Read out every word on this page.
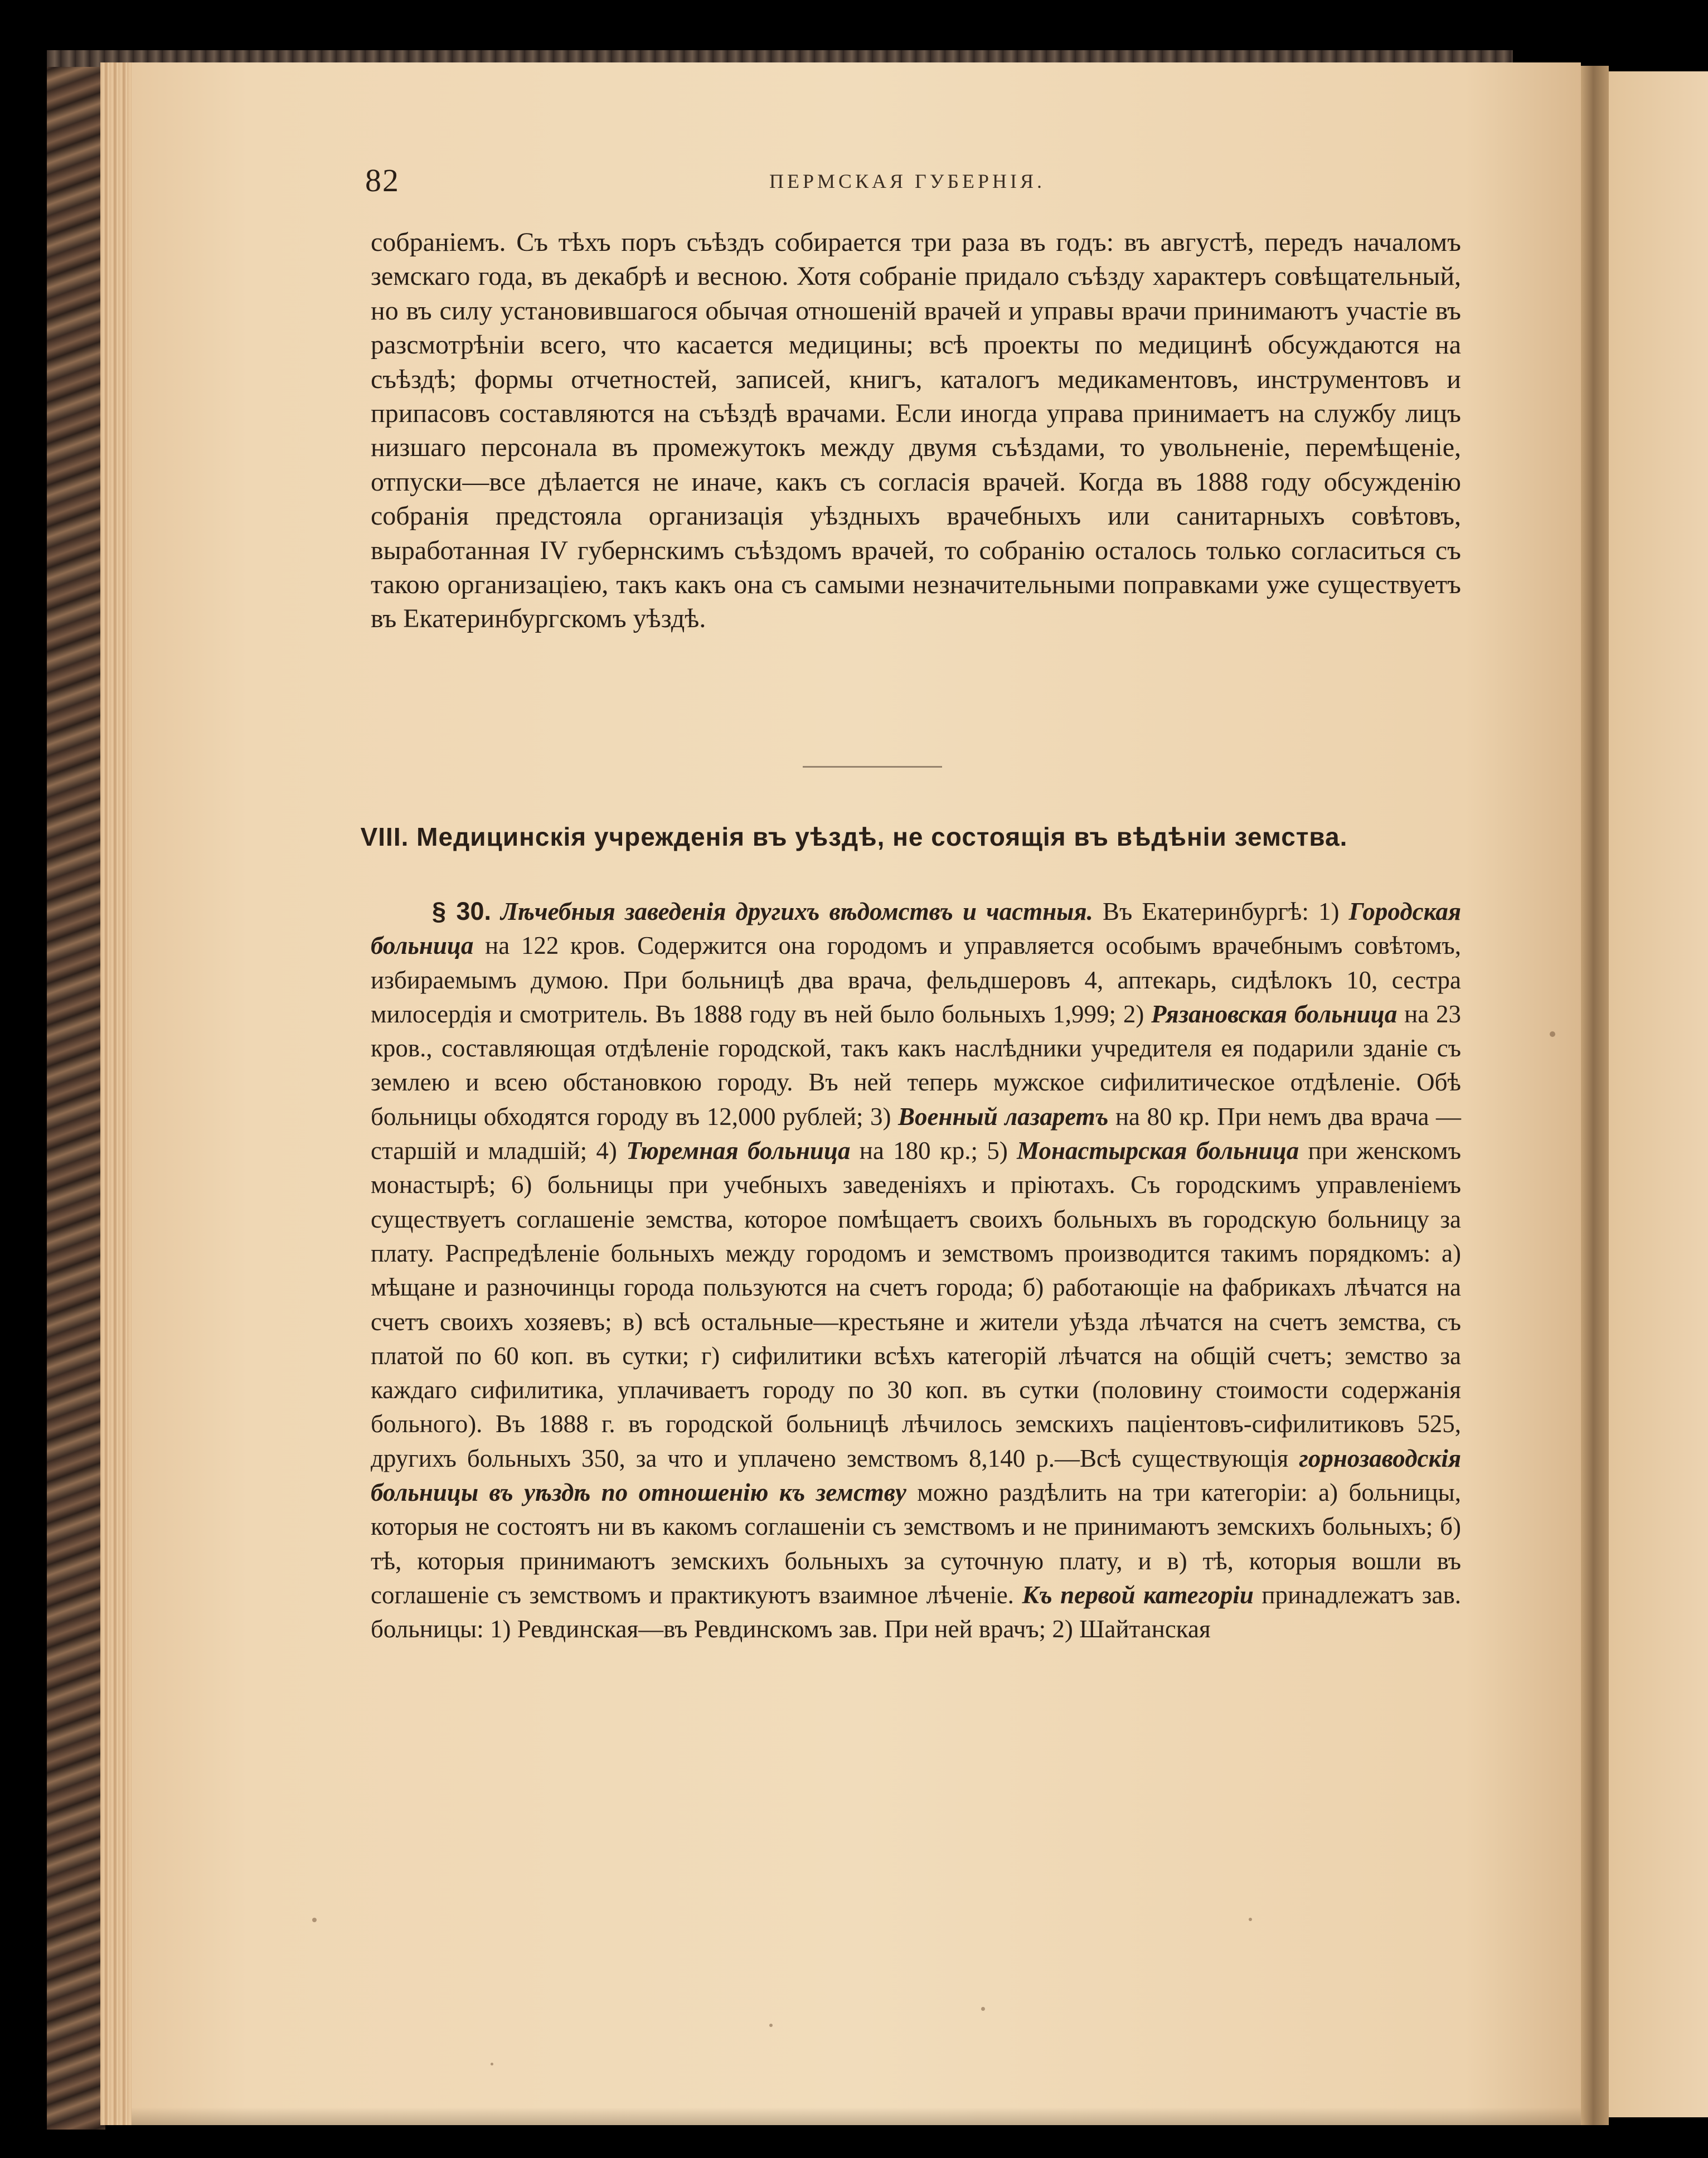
82	ПЕРМСКАЯ ГУБЕРНІЯ.

собраніемъ. Съ тѣхъ поръ съѣздъ собирается три раза въ годъ: въ августѣ, передъ началомъ земскаго года, въ декабрѣ и весною. Хотя собраніе придало съѣзду характеръ совѣщательный, но въ силу установившагося обычая отношеній врачей и управы врачи принимаютъ участіе въ разсмотрѣніи всего, что касается медицины; всѣ проекты по медицинѣ обсуждаются на съѣздѣ; формы отчетностей, записей, книгъ, каталогъ медикаментовъ, инструментовъ и припасовъ составляются на съѣздѣ врачами. Если иногда управа принимаетъ на службу лицъ низшаго персонала въ промежутокъ между двумя съѣздами, то увольненіе, перемѣщеніе, отпуски—все дѣлается не иначе, какъ съ согласія врачей. Когда въ 1888 году обсужденію собранія предстояла организація уѣздныхъ врачебныхъ или санитарныхъ совѣтовъ, выработанная IV губернскимъ съѣздомъ врачей, то собранію осталось только согласиться съ такою организаціею, такъ какъ она съ самыми незначительными поправками уже существуетъ въ Екатеринбургскомъ уѣздѣ.

VIII. Медицинскія учрежденія въ уѣздѣ, не состоящія въ вѣдѣніи земства.

§ 30. Лѣчебныя заведенія другихъ вѣдомствъ и частныя. Въ Екатеринбургѣ: 1) Городская больница на 122 кров. Содержится она городомъ и управляется особымъ врачебнымъ совѣтомъ, избираемымъ думою. При больницѣ два врача, фельдшеровъ 4, аптекарь, сидѣлокъ 10, сестра милосердія и смотритель. Въ 1888 году въ ней было больныхъ 1,999; 2) Рязановская больница на 23 кров., составляющая отдѣленіе городской, такъ какъ наслѣдники учредителя ея подарили зданіе съ землею и всею обстановкою городу. Въ ней теперь мужское сифилитическое отдѣленіе. Обѣ больницы обходятся городу въ 12,000 рублей; 3) Военный лазаретъ на 80 кр. При немъ два врача — старшій и младшій; 4) Тюремная больница на 180 кр.; 5) Монастырская больница при женскомъ монастырѣ; 6) больницы при учебныхъ заведеніяхъ и пріютахъ. Съ городскимъ управленіемъ существуетъ соглашеніе земства, которое помѣщаетъ своихъ больныхъ въ городскую больницу за плату. Распредѣленіе больныхъ между городомъ и земствомъ производится такимъ порядкомъ: а) мѣщане и разночинцы города пользуются на счетъ города; б) работающіе на фабрикахъ лѣчатся на счетъ своихъ хозяевъ; в) всѣ остальные—крестьяне и жители уѣзда лѣчатся на счетъ земства, съ платой по 60 коп. въ сутки; г) сифилитики всѣхъ категорій лѣчатся на общій счетъ; земство за каждаго сифилитика, уплачиваетъ городу по 30 коп. въ сутки (половину стоимости содержанія больного). Въ 1888 г. въ городской больницѣ лѣчилось земскихъ паціентовъ-сифилитиковъ 525, другихъ больныхъ 350, за что и уплачено земствомъ 8,140 р.—Всѣ существующія горнозаводскія больницы въ уѣздѣ по отношенію къ земству можно раздѣлить на три категоріи: а) больницы, которыя не состоятъ ни въ какомъ соглашеніи съ земствомъ и не принимаютъ земскихъ больныхъ; б) тѣ, которыя принимаютъ земскихъ больныхъ за суточную плату, и в) тѣ, которыя вошли въ соглашеніе съ земствомъ и практикуютъ взаимное лѣченіе. Къ первой категоріи принадлежатъ зав. больницы: 1) Ревдинская—въ Ревдинскомъ зав. При ней врачъ; 2) Шайтанская
